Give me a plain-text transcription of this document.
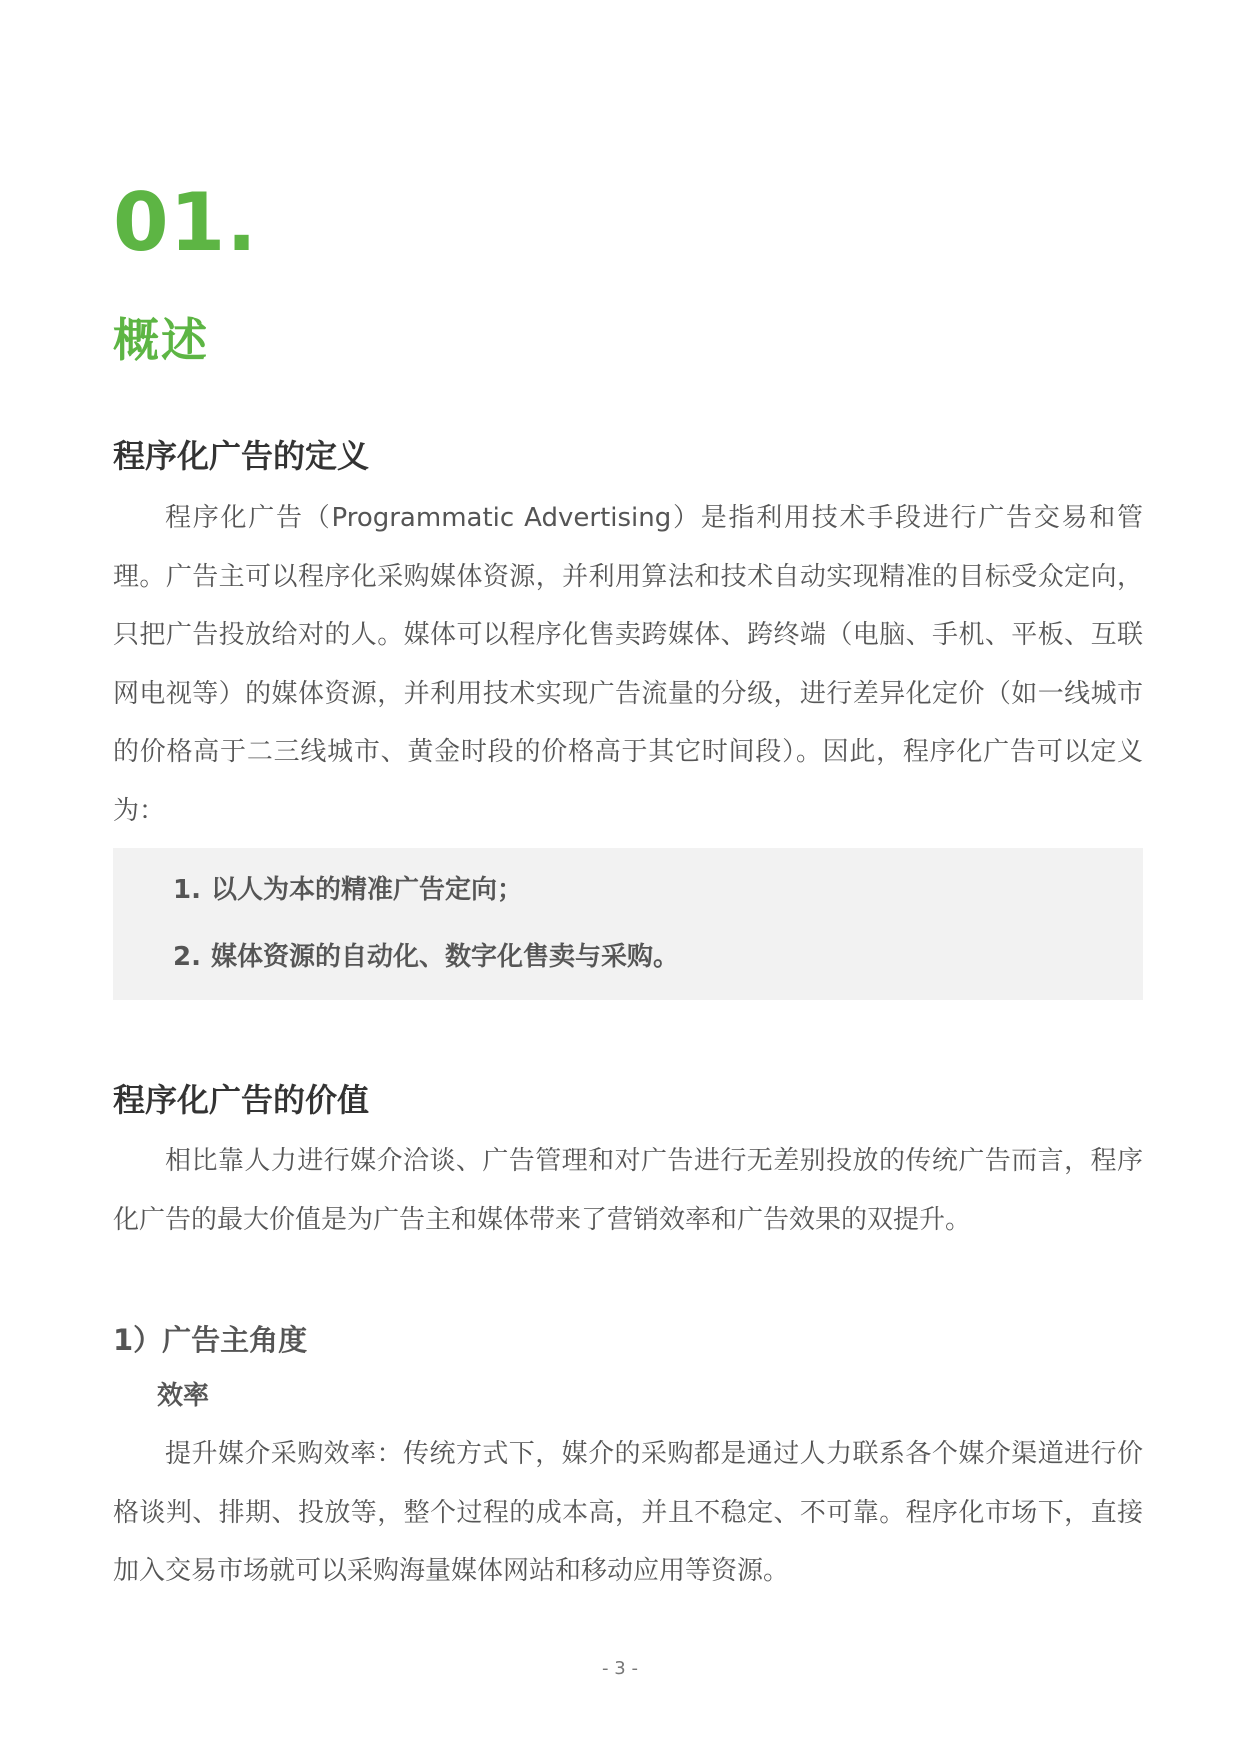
01.
概述
程序化广告的定义

程序化广告（Programmatic Advertising）是指利用技术手段进行广告交易和管理。广告主可以程序化采购媒体资源，并利用算法和技术自动实现精准的目标受众定向，只把广告投放给对的人。媒体可以程序化售卖跨媒体、跨终端（电脑、手机、平板、互联网电视等）的媒体资源，并利用技术实现广告流量的分级，进行差异化定价（如一线城市的价格高于二三线城市、黄金时段的价格高于其它时间段）。因此，程序化广告可以定义为：

1. 以人为本的精准广告定向；
2. 媒体资源的自动化、数字化售卖与采购。
程序化广告的价值

相比靠人力进行媒介洽谈、广告管理和对广告进行无差别投放的传统广告而言，程序化广告的最大价值是为广告主和媒体带来了营销效率和广告效果的双提升。

1）广告主角度
效率

提升媒介采购效率：传统方式下，媒介的采购都是通过人力联系各个媒介渠道进行价格谈判、排期、投放等，整个过程的成本高，并且不稳定、不可靠。程序化市场下，直接加入交易市场就可以采购海量媒体网站和移动应用等资源。

- 3 -
